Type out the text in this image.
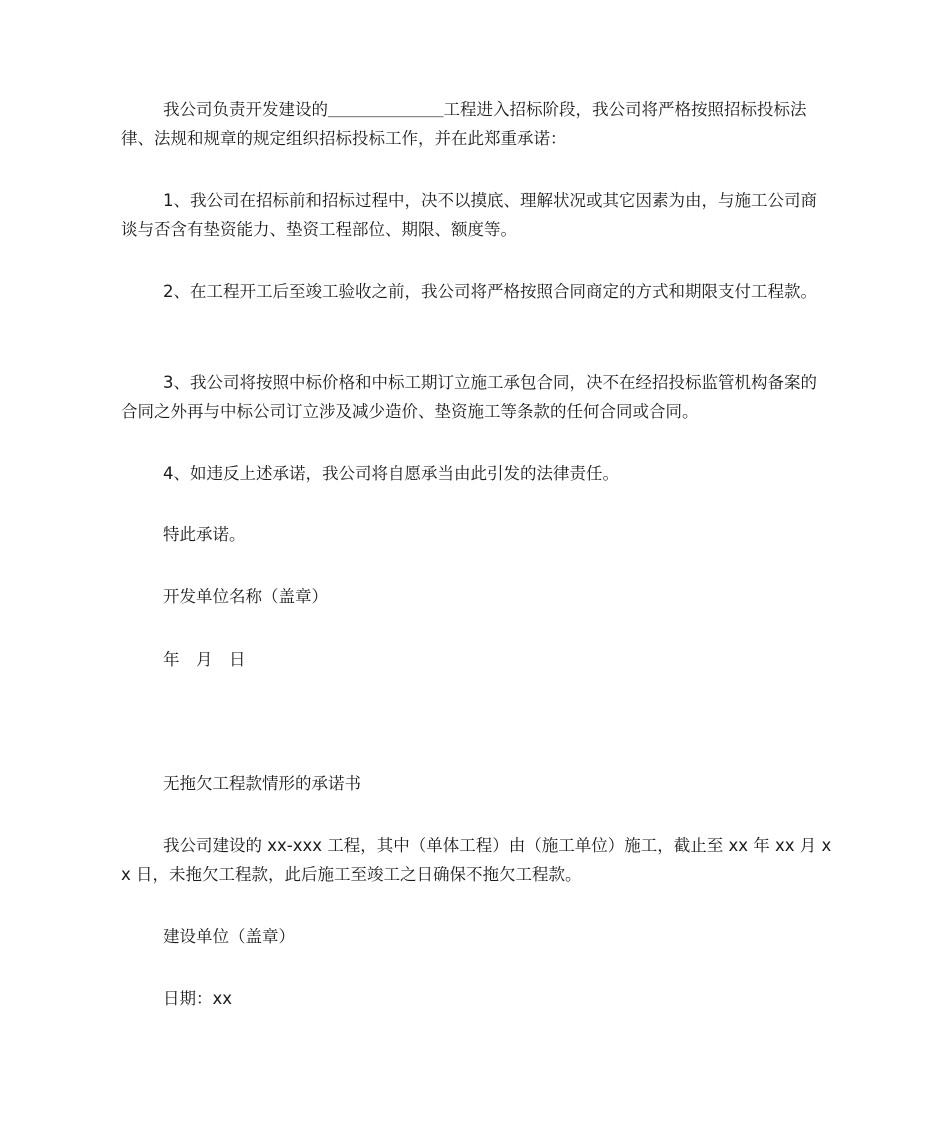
我公司负责开发建设的＿＿＿＿＿＿＿工程进入招标阶段，我公司将严格按照招标投标法律、法规和规章的规定组织招标投标工作，并在此郑重承诺：

1、我公司在招标前和招标过程中，决不以摸底、理解状况或其它因素为由，与施工公司商谈与否含有垫资能力、垫资工程部位、期限、额度等。

2、在工程开工后至竣工验收之前，我公司将严格按照合同商定的方式和期限支付工程款。

3、我公司将按照中标价格和中标工期订立施工承包合同，决不在经招投标监管机构备案的合同之外再与中标公司订立涉及减少造价、垫资施工等条款的任何合同或合同。

4、如违反上述承诺，我公司将自愿承当由此引发的法律责任。

特此承诺。

开发单位名称（盖章）

年　月　日

无拖欠工程款情形的承诺书

我公司建设的 xx-xxx 工程，其中（单体工程）由（施工单位）施工，截止至 xx 年 xx 月 xx 日，未拖欠工程款，此后施工至竣工之日确保不拖欠工程款。

建设单位（盖章）

日期：xx
